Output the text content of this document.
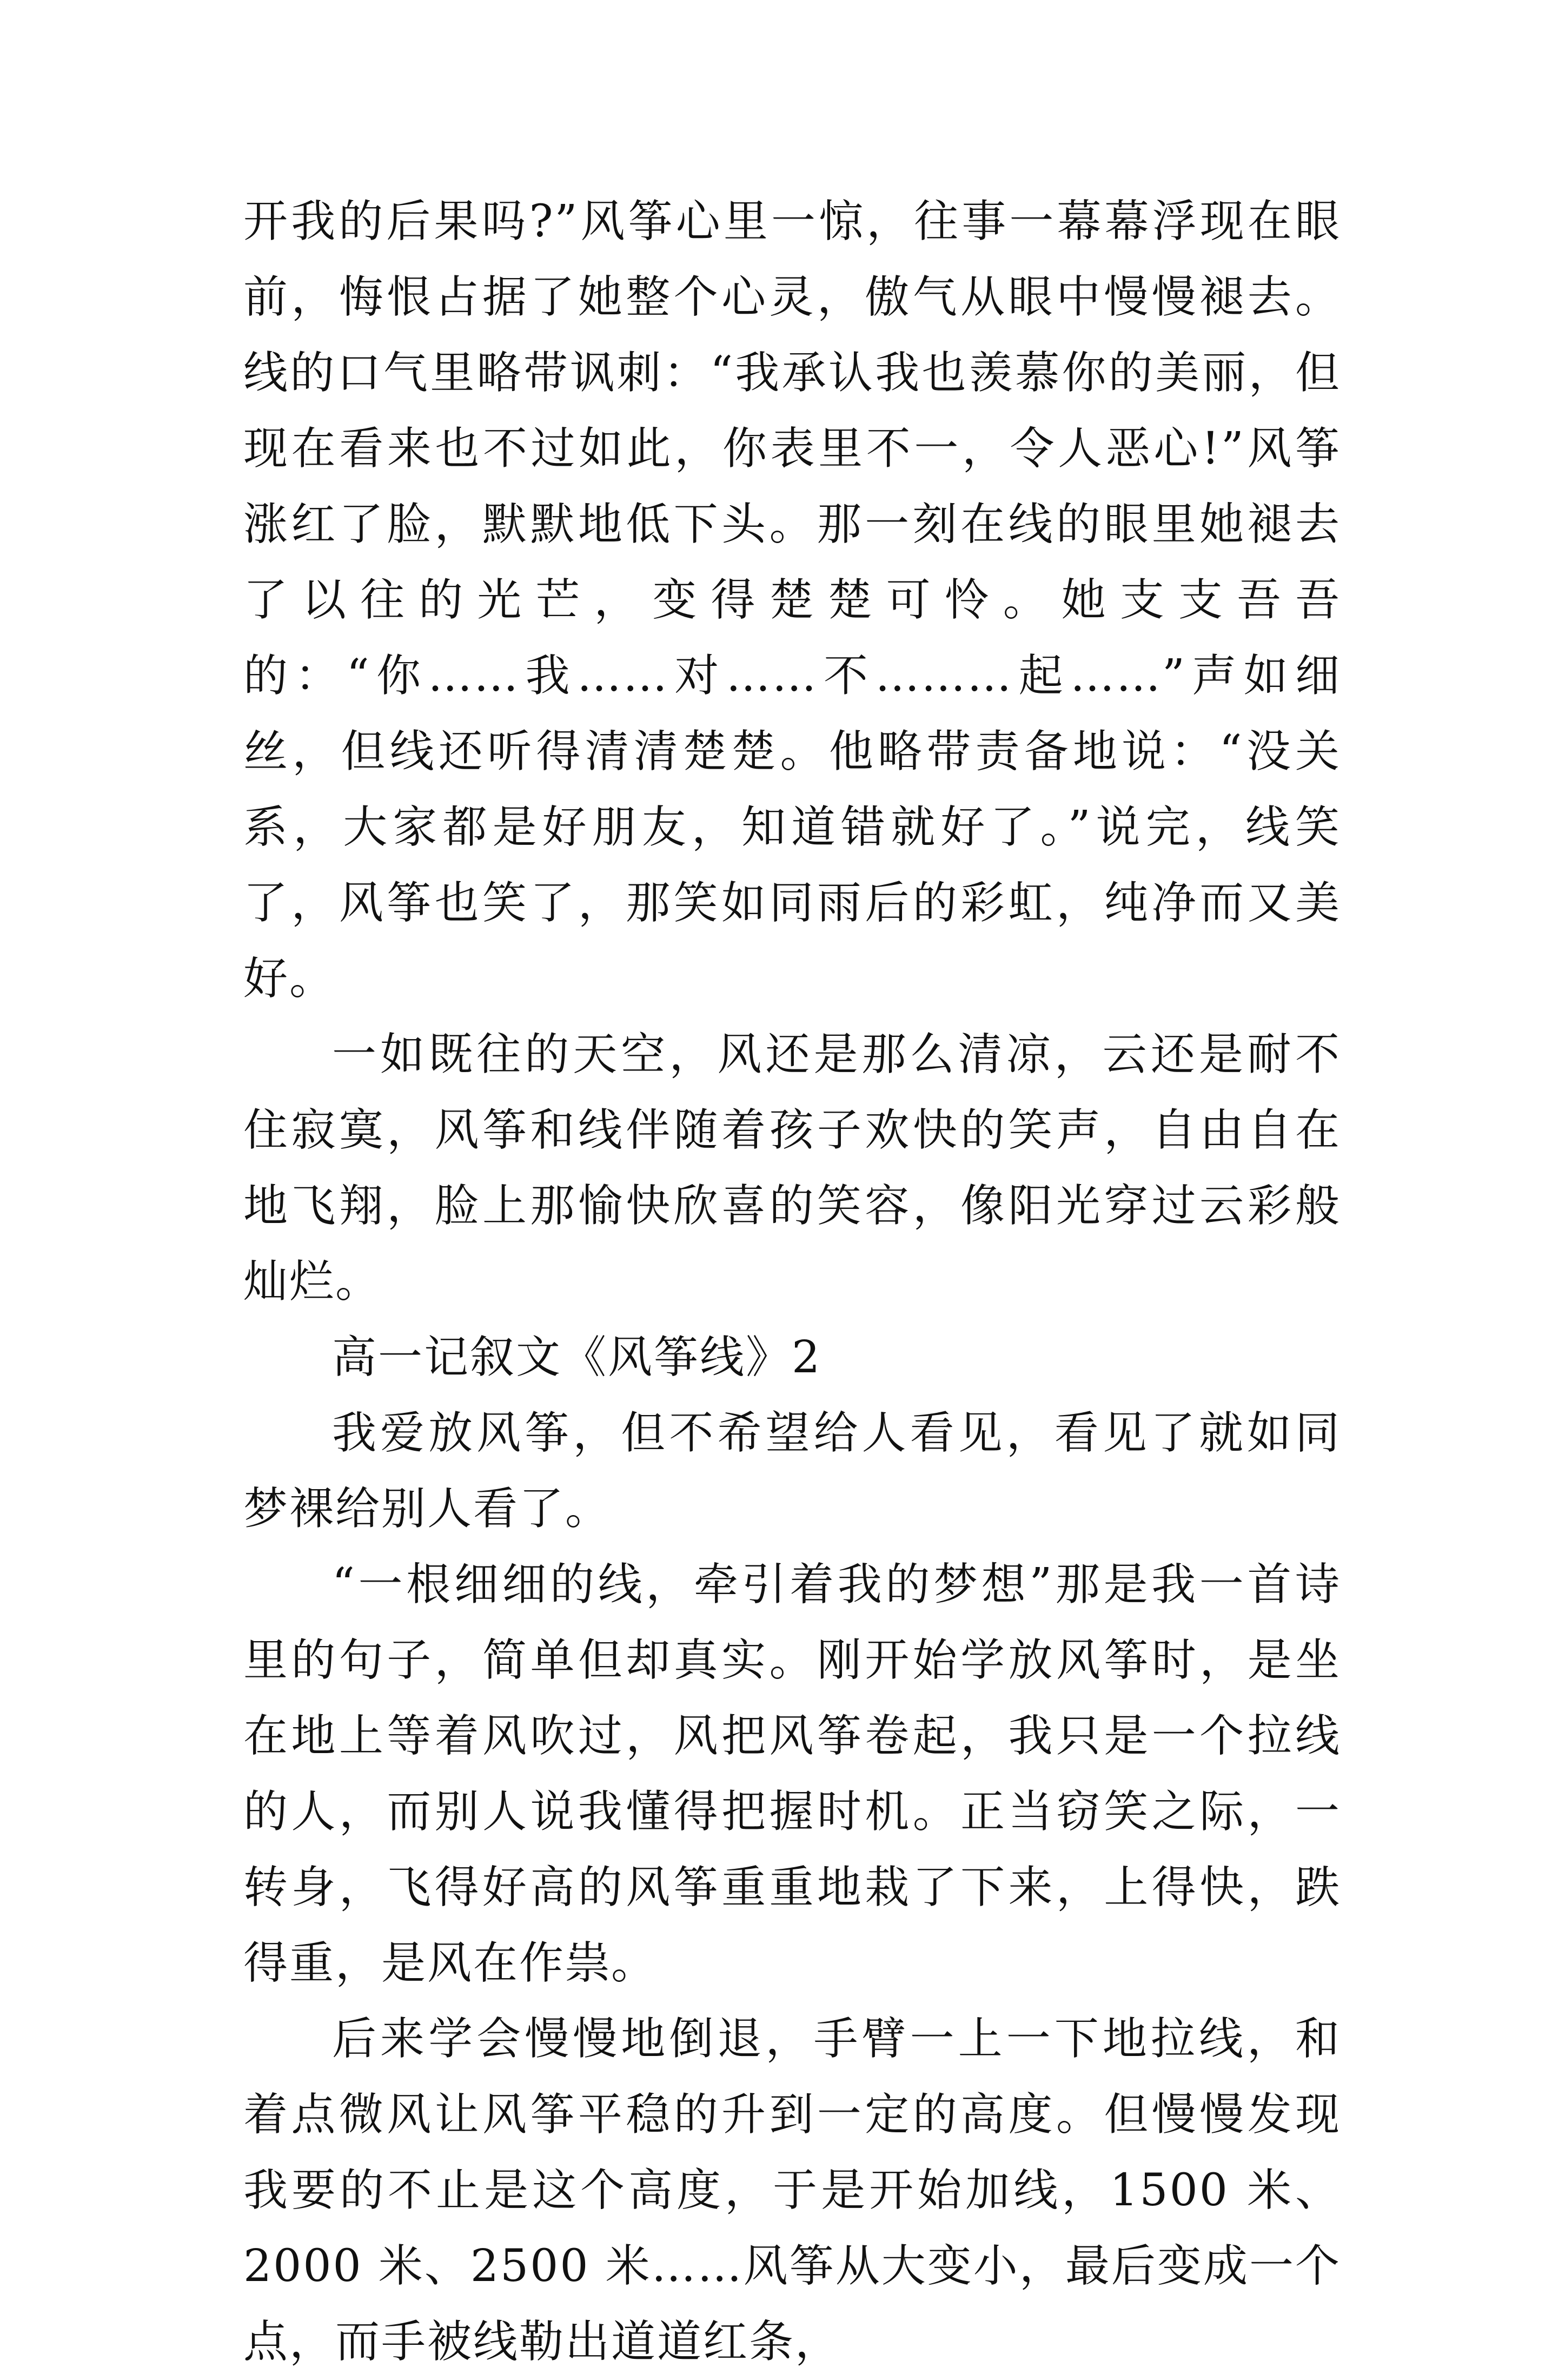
开我的后果吗?”风筝心里一惊，往事一幕幕浮现在眼前，悔恨占据了她整个心灵，傲气从眼中慢慢褪去。线的口气里略带讽刺：“我承认我也羡慕你的美丽，但现在看来也不过如此，你表里不一，令人恶心!”风筝涨红了脸，默默地低下头。那一刻在线的眼里她褪去了以往的光芒，变得楚楚可怜。她支支吾吾的：“你……我……对……不………起……”声如细丝，但线还听得清清楚楚。他略带责备地说：“没关系，大家都是好朋友，知道错就好了。”说完，线笑了，风筝也笑了，那笑如同雨后的彩虹，纯净而又美好。

一如既往的天空，风还是那么清凉，云还是耐不住寂寞，风筝和线伴随着孩子欢快的笑声，自由自在地飞翔，脸上那愉快欣喜的笑容，像阳光穿过云彩般灿烂。

高一记叙文《风筝线》2

我爱放风筝，但不希望给人看见，看见了就如同梦裸给别人看了。

“一根细细的线，牵引着我的梦想”那是我一首诗里的句子，简单但却真实。刚开始学放风筝时，是坐在地上等着风吹过，风把风筝卷起，我只是一个拉线的人，而别人说我懂得把握时机。正当窃笑之际，一转身，飞得好高的风筝重重地栽了下来，上得快，跌得重，是风在作祟。

后来学会慢慢地倒退，手臂一上一下地拉线，和着点微风让风筝平稳的升到一定的高度。但慢慢发现我要的不止是这个高度，于是开始加线，1500 米、2000 米、2500 米……风筝从大变小，最后变成一个点，而手被线勒出道道红条，
